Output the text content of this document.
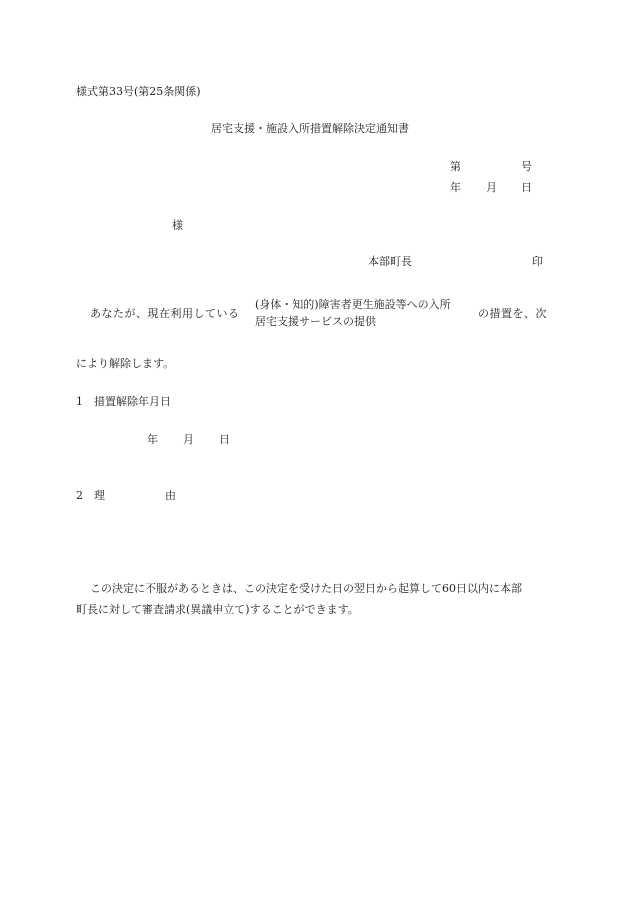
様式第33号(第25条関係)
居宅支援・施設入所措置解除決定通知書
第	号
年 月 日
様
本部町長	印
あなたが、現在利用している
(身体・知的)障害者更生施設等への入所
居宅支援サービスの提供
の措置を、次
により解除します。
1　措置解除年月日
年 月 日
2 理	由
この決定に不服があるときは、この決定を受けた日の翌日から起算して60日以内に本部
町長に対して審査請求(異議申立て)することができます。
